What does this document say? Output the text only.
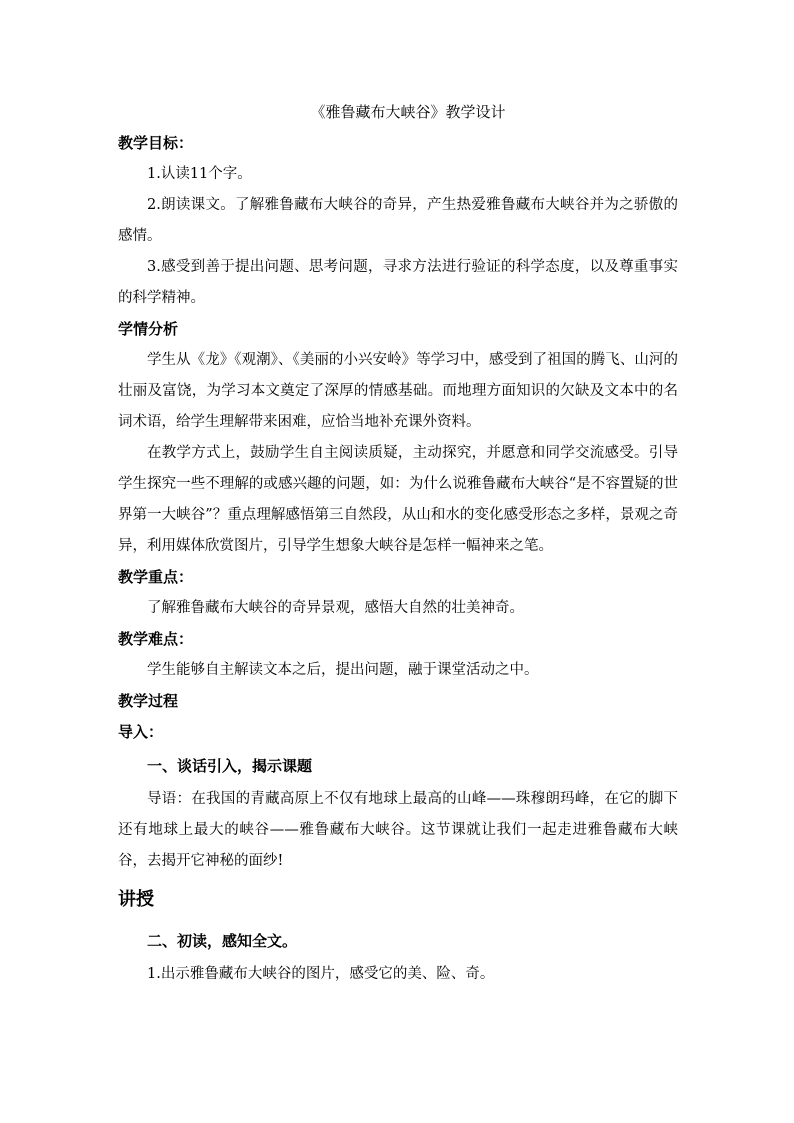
《雅鲁藏布大峡谷》教学设计

教学目标：

1.认读11个字。

2.朗读课文。了解雅鲁藏布大峡谷的奇异，产生热爱雅鲁藏布大峡谷并为之骄傲的感情。

3.感受到善于提出问题、思考问题，寻求方法进行验证的科学态度，以及尊重事实的科学精神。

学情分析

学生从《龙》《观潮》、《美丽的小兴安岭》等学习中，感受到了祖国的腾飞、山河的壮丽及富饶，为学习本文奠定了深厚的情感基础。而地理方面知识的欠缺及文本中的名词术语，给学生理解带来困难，应恰当地补充课外资料。

在教学方式上，鼓励学生自主阅读质疑，主动探究，并愿意和同学交流感受。引导学生探究一些不理解的或感兴趣的问题，如：为什么说雅鲁藏布大峡谷“是不容置疑的世界第一大峡谷”？重点理解感悟第三自然段，从山和水的变化感受形态之多样，景观之奇异，利用媒体欣赏图片，引导学生想象大峡谷是怎样一幅神来之笔。

教学重点：

了解雅鲁藏布大峡谷的奇异景观，感悟大自然的壮美神奇。

教学难点：

学生能够自主解读文本之后，提出问题，融于课堂活动之中。

教学过程

导入：

一、谈话引入，揭示课题

导语：在我国的青藏高原上不仅有地球上最高的山峰——珠穆朗玛峰，在它的脚下还有地球上最大的峡谷——雅鲁藏布大峡谷。这节课就让我们一起走进雅鲁藏布大峡谷，去揭开它神秘的面纱!

讲授

二、初读，感知全文。

1.出示雅鲁藏布大峡谷的图片，感受它的美、险、奇。
